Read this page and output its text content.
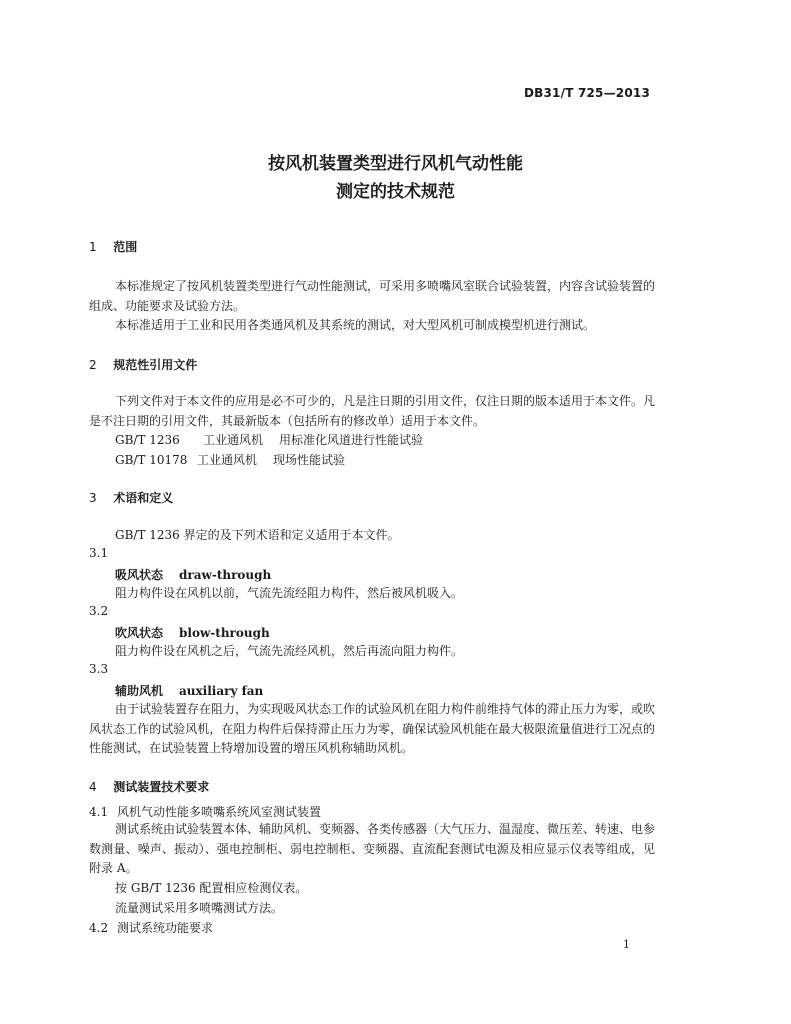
DB31/T 725—2013
按风机装置类型进行风机气动性能
测定的技术规范
1 范围
本标准规定了按风机装置类型进行气动性能测试，可采用多喷嘴风室联合试验装置，内容含试验装置的组成、功能要求及试验方法。
本标准适用于工业和民用各类通风机及其系统的测试，对大型风机可制成模型机进行测试。
2 规范性引用文件
下列文件对于本文件的应用是必不可少的，凡是注日期的引用文件，仅注日期的版本适用于本文件。凡是不注日期的引用文件，其最新版本（包括所有的修改单）适用于本文件。
GB/T 1236 工业通风机 用标准化风道进行性能试验
GB/T 10178 工业通风机 现场性能试验
3 术语和定义
GB/T 1236 界定的及下列术语和定义适用于本文件。
3.1
吸风状态 draw-through
阻力构件设在风机以前，气流先流经阻力构件，然后被风机吸入。
3.2
吹风状态 blow-through
阻力构件设在风机之后，气流先流经风机，然后再流向阻力构件。
3.3
辅助风机 auxiliary fan
由于试验装置存在阻力，为实现吸风状态工作的试验风机在阻力构件前维持气体的滞止压力为零，或吹风状态工作的试验风机，在阻力构件后保持滞止压力为零，确保试验风机能在最大极限流量值进行工况点的性能测试，在试验装置上特增加设置的增压风机称辅助风机。
4 测试装置技术要求
4.1 风机气动性能多喷嘴系统风室测试装置
测试系统由试验装置本体、辅助风机、变频器、各类传感器（大气压力、温湿度、微压差、转速、电参数测量、噪声、振动）、强电控制柜、弱电控制柜、变频器、直流配套测试电源及相应显示仪表等组成，见附录 A。
按 GB/T 1236 配置相应检测仪表。
流量测试采用多喷嘴测试方法。
4.2 测试系统功能要求
1
